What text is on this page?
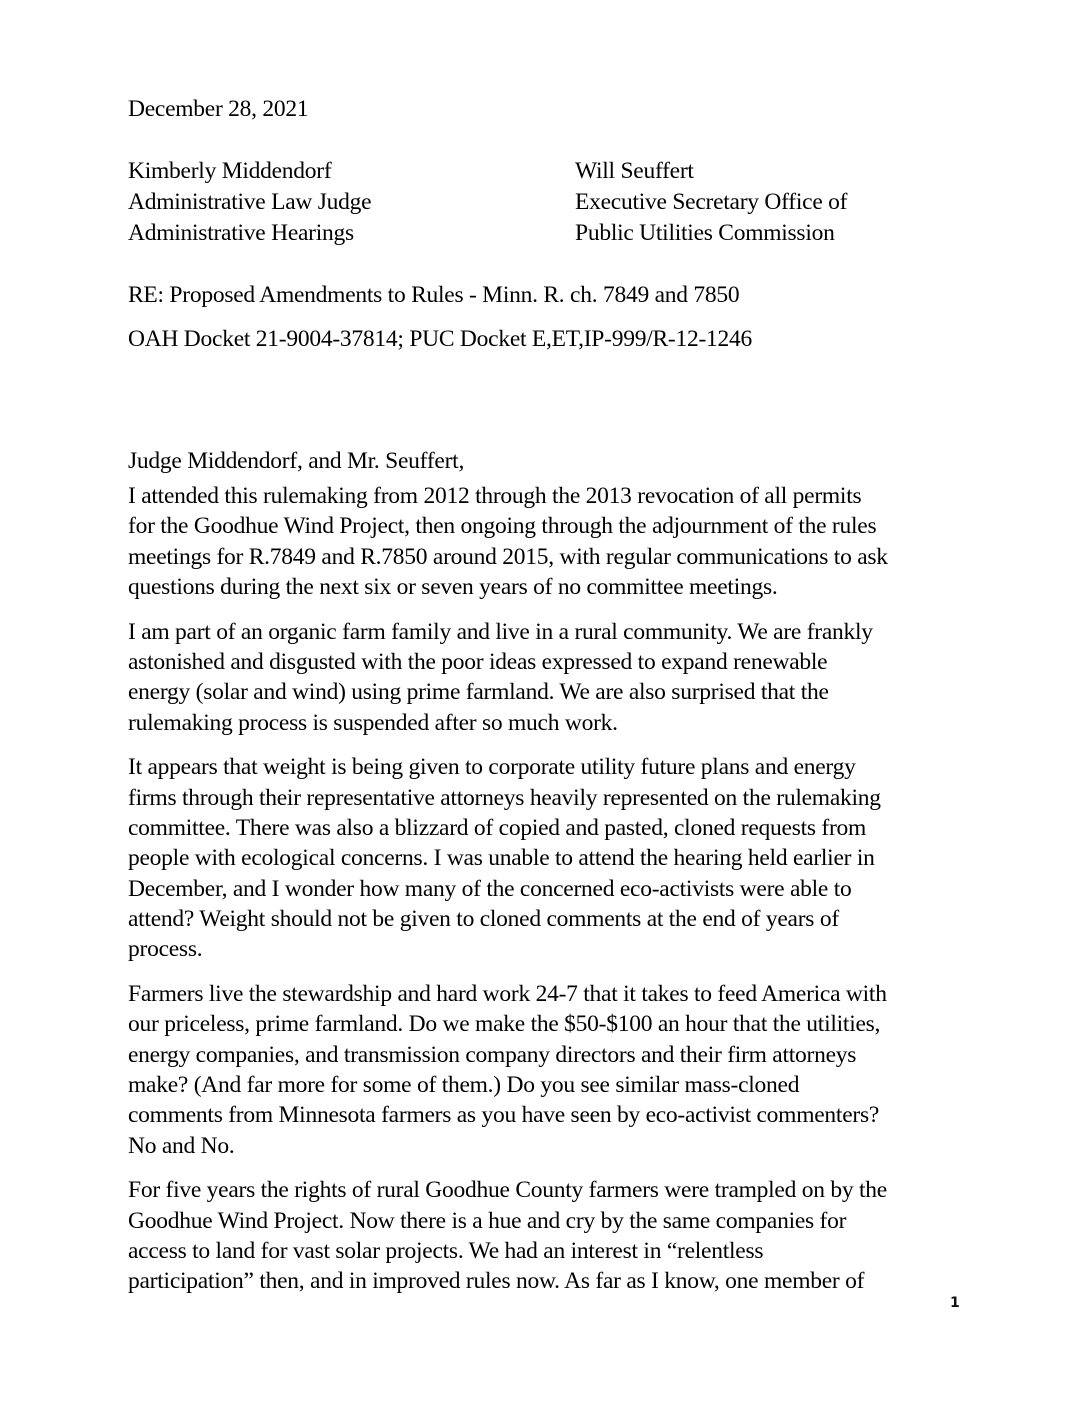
December 28, 2021
Kimberly Middendorf
Administrative Law Judge
Administrative Hearings
Will Seuffert
Executive Secretary Office of
Public Utilities Commission
RE: Proposed Amendments to Rules - Minn. R. ch. 7849 and 7850
OAH Docket 21-9004-37814; PUC Docket E,ET,IP-999/R-12-1246
Judge Middendorf, and Mr. Seuffert,
I attended this rulemaking from 2012 through the 2013 revocation of all permits
for the Goodhue Wind Project, then ongoing through the adjournment of the rules
meetings for R.7849 and R.7850 around 2015, with regular communications to ask
questions during the next six or seven years of no committee meetings.
I am part of an organic farm family and live in a rural community. We are frankly
astonished and disgusted with the poor ideas expressed to expand renewable
energy (solar and wind) using prime farmland. We are also surprised that the
rulemaking process is suspended after so much work.
It appears that weight is being given to corporate utility future plans and energy
firms through their representative attorneys heavily represented on the rulemaking
committee. There was also a blizzard of copied and pasted, cloned requests from
people with ecological concerns. I was unable to attend the hearing held earlier in
December, and I wonder how many of the concerned eco-activists were able to
attend? Weight should not be given to cloned comments at the end of years of
process.
Farmers live the stewardship and hard work 24-7 that it takes to feed America with
our priceless, prime farmland. Do we make the $50-$100 an hour that the utilities,
energy companies, and transmission company directors and their firm attorneys
make? (And far more for some of them.) Do you see similar mass-cloned
comments from Minnesota farmers as you have seen by eco-activist commenters?
No and No.
For five years the rights of rural Goodhue County farmers were trampled on by the
Goodhue Wind Project. Now there is a hue and cry by the same companies for
access to land for vast solar projects. We had an interest in “relentless
participation” then, and in improved rules now. As far as I know, one member of
1
